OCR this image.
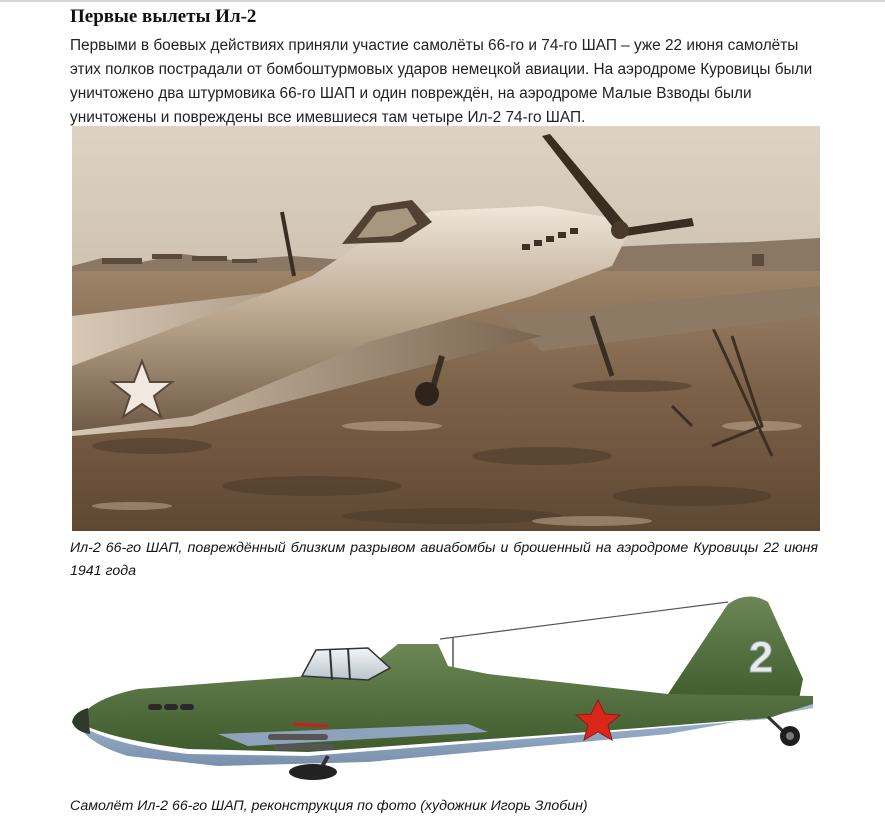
Первые вылеты Ил-2

Первыми в боевых действиях приняли участие самолёты 66-го и 74-го ШАП – уже 22 июня самолёты этих полков пострадали от бомбоштурмовых ударов немецкой авиации. На аэродроме Куровицы были уничтожено два штурмовика 66-го ШАП и один повреждён, на аэродроме Малые Взводы были уничтожены и повреждены все имевшиеся там четыре Ил-2 74-го ШАП.

Ил-2 66-го ШАП, повреждённый близким разрывом авиабомбы и брошенный на аэродроме Куровицы 22 июня 1941 года

2

Самолёт Ил-2 66-го ШАП, реконструкция по фото (художник Игорь Злобин)
